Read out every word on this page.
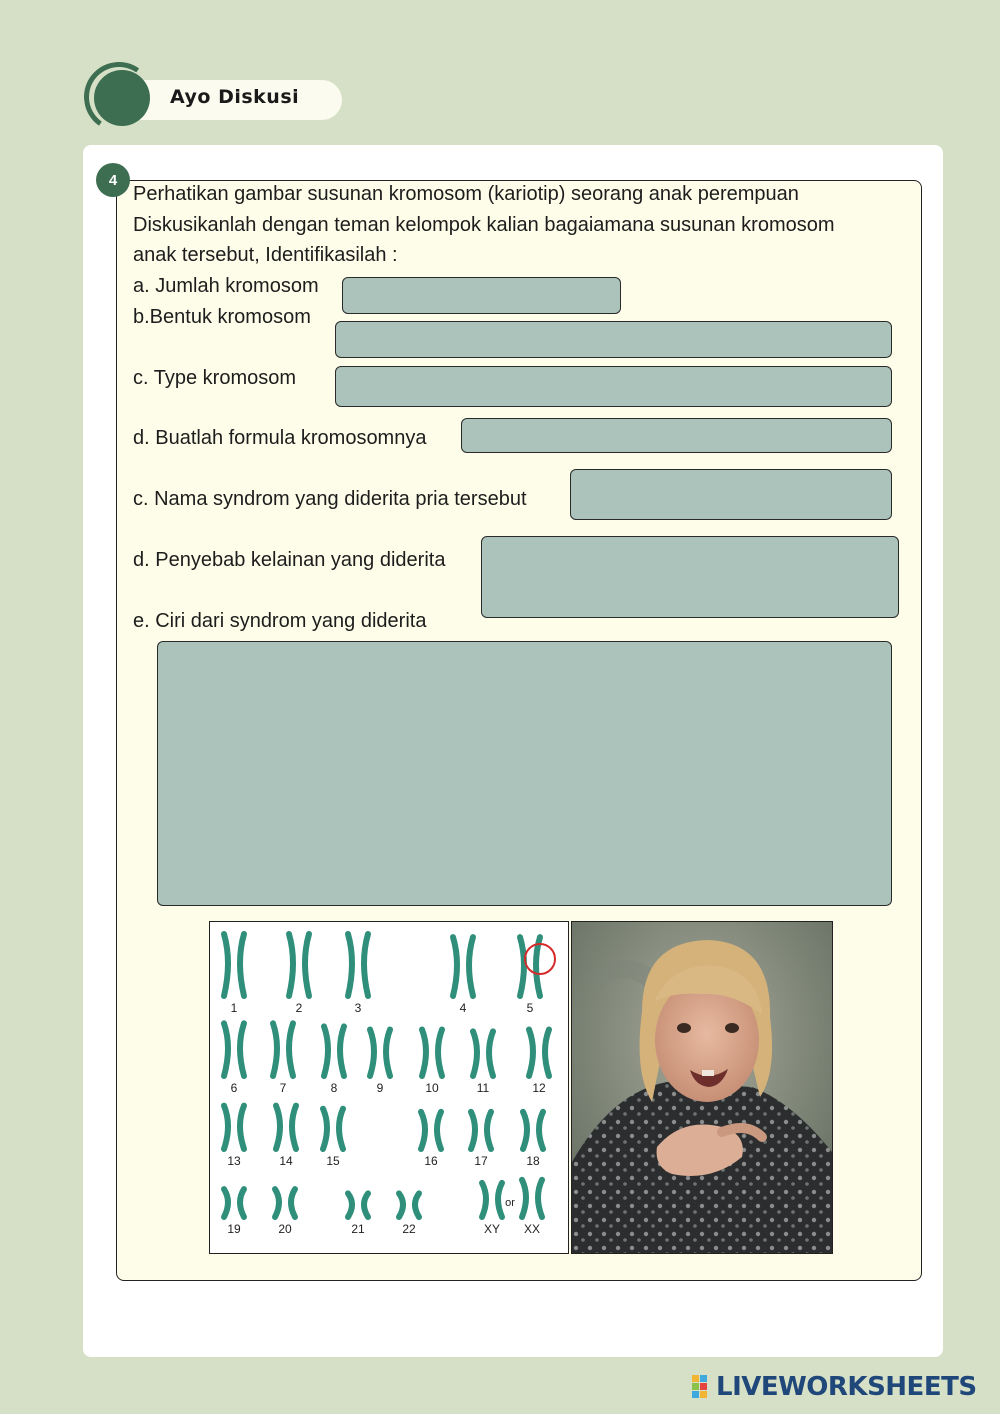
Ayo Diskusi
4
Perhatikan gambar susunan kromosom (kariotip) seorang anak perempuan
Diskusikanlah dengan teman kelompok kalian bagaiamana susunan kromosom
anak tersebut, Identifikasilah :
a. Jumlah kromosom
b.Bentuk kromosom
c. Type kromosom
d. Buatlah formula kromosomnya
c. Nama syndrom yang diderita pria tersebut
d. Penyebab kelainan yang diderita
e. Ciri dari syndrom yang diderita
1	2	3	4	5
6	7	8	9	10	11	12
13	14	15	16	17	18
19	20	21	22	XY XX
or
LIVEWORKSHEETS
